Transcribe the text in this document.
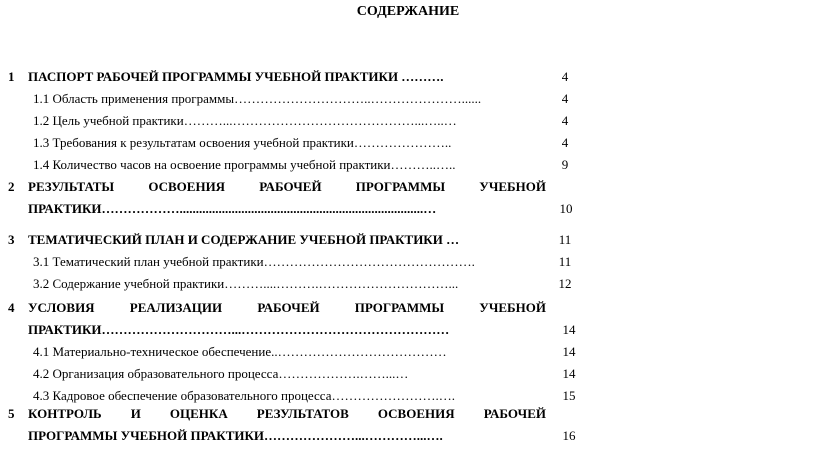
СОДЕРЖАНИЕ
1 ПАСПОРТ РАБОЧЕЙ ПРОГРАММЫ УЧЕБНОЙ ПРАКТИКИ ……….	4
1.1 Область применения программы…………………………..…………………......	4
1.2 Цель учебной практики………...……………………………………...…..…	4
1.3 Требования к результатам освоения учебной практики…………………..	4
1.4 Количество часов на освоение программы учебной практики………..…..	9
2 РЕЗУЛЬТАТЫ ОСВОЕНИЯ РАБОЧЕЙ ПРОГРАММЫ УЧЕБНОЙ
ПРАКТИКИ………………...........................................................................…	10
3 ТЕМАТИЧЕСКИЙ ПЛАН И СОДЕРЖАНИЕ УЧЕБНОЙ ПРАКТИКИ …	11
3.1 Тематический план учебной практики………………………………………….	11
3.2 Содержание учебной практики………....……….…………………………...	12
4 УСЛОВИЯ РЕАЛИЗАЦИИ РАБОЧЕЙ ПРОГРАММЫ УЧЕБНОЙ
ПРАКТИКИ…………………………...…………………………………………	14
4.1 Материально-техническое обеспечение..…………………………………	14
4.2 Организация образовательного процесса……………….……...…	14
4.3 Кадровое обеспечение образовательного процесса…………………….….	15
5 КОНТРОЛЬ И ОЦЕНКА РЕЗУЛЬТАТОВ ОСВОЕНИЯ РАБОЧЕЙ
ПРОГРАММЫ УЧЕБНОЙ ПРАКТИКИ…………………...…………...….	16
